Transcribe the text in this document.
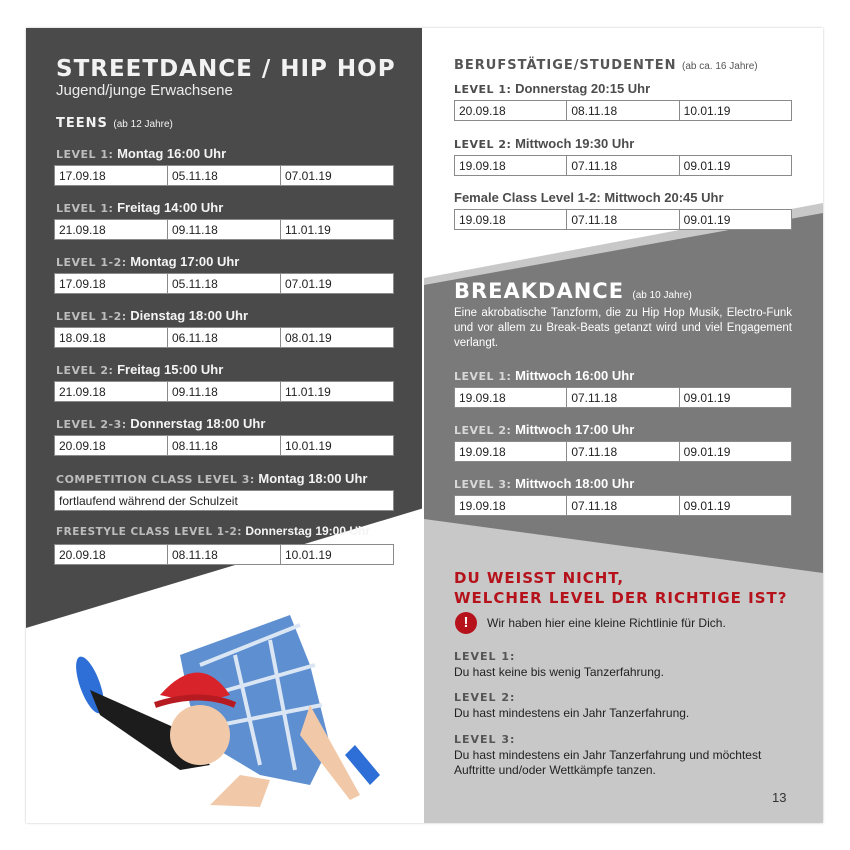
STREETDANCE / HIP HOP
Jugend/junge Erwachsene
TEENS (ab 12 Jahre)
LEVEL 1: Montag 16:00 Uhr
17.09.18	05.11.18	07.01.19
LEVEL 1: Freitag 14:00 Uhr
21.09.18	09.11.18	11.01.19
LEVEL 1-2: Montag 17:00 Uhr
17.09.18	05.11.18	07.01.19
LEVEL 1-2: Dienstag 18:00 Uhr
18.09.18	06.11.18	08.01.19
LEVEL 2: Freitag 15:00 Uhr
21.09.18	09.11.18	11.01.19
LEVEL 2-3: Donnerstag 18:00 Uhr
20.09.18	08.11.18	10.01.19
COMPETITION CLASS LEVEL 3: Montag 18:00 Uhr
fortlaufend während der Schulzeit
FREESTYLE CLASS LEVEL 1-2: Donnerstag 19:00 Uhr
20.09.18	08.11.18	10.01.19
BERUFSTÄTIGE/STUDENTEN (ab ca. 16 Jahre)
LEVEL 1: Donnerstag 20:15 Uhr
20.09.18	08.11.18	10.01.19
LEVEL 2: Mittwoch 19:30 Uhr
19.09.18	07.11.18	09.01.19
Female Class Level 1-2: Mittwoch 20:45 Uhr
19.09.18	07.11.18	09.01.19
BREAKDANCE (ab 10 Jahre)
Eine akrobatische Tanzform, die zu Hip Hop Musik, Electro-Funk und vor allem zu Break-Beats getanzt wird und viel Engagement verlangt.
LEVEL 1: Mittwoch 16:00 Uhr
19.09.18	07.11.18	09.01.19
LEVEL 2: Mittwoch 17:00 Uhr
19.09.18	07.11.18	09.01.19
LEVEL 3: Mittwoch 18:00 Uhr
19.09.18	07.11.18	09.01.19
DU WEISST NICHT,
WELCHER LEVEL DER RICHTIGE IST?
!	Wir haben hier eine kleine Richtlinie für Dich.
LEVEL 1:
Du hast keine bis wenig Tanzerfahrung.
LEVEL 2:
Du hast mindestens ein Jahr Tanzerfahrung.
LEVEL 3:
Du hast mindestens ein Jahr Tanzerfahrung und möchtest Auftritte und/oder Wettkämpfe tanzen.
13
